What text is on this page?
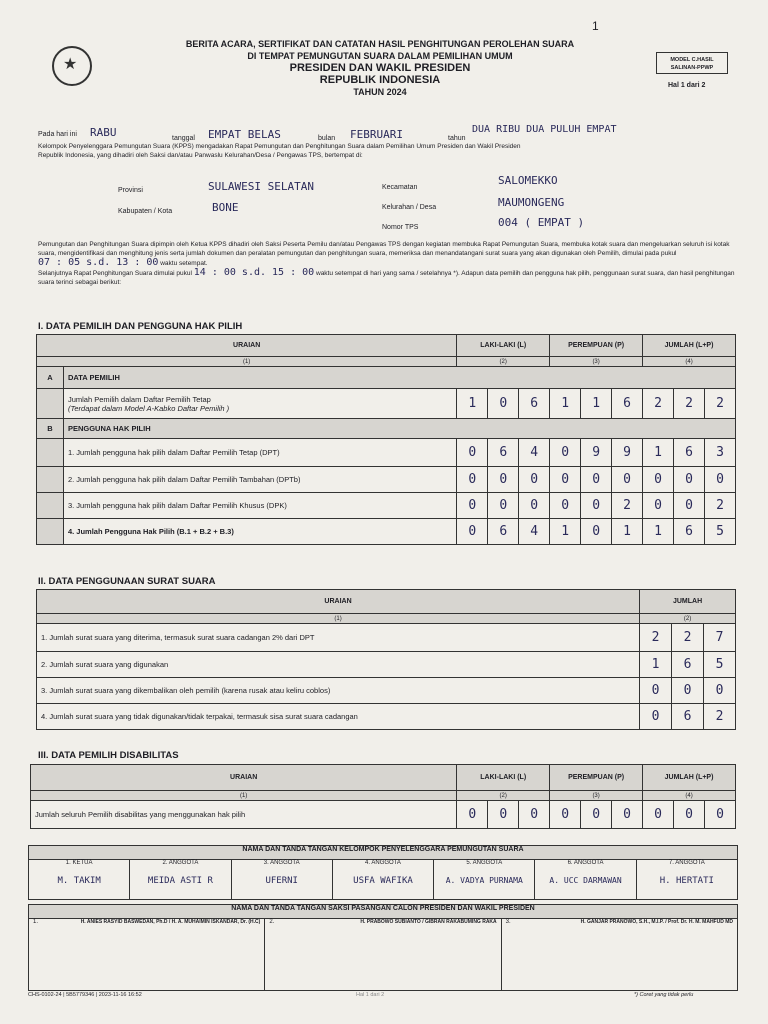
★
1
BERITA ACARA, SERTIFIKAT DAN CATATAN HASIL PENGHITUNGAN PEROLEHAN SUARA
DI TEMPAT PEMUNGUTAN SUARA DALAM PEMILIHAN UMUM
PRESIDEN DAN WAKIL PRESIDEN
REPUBLIK INDONESIA
TAHUN 2024
MODEL C.HASIL SALINAN-PPWP
Hal 1 dari 2
Pada hari ini RABU	tanggal EMPAT BELAS	bulan FEBRUARI	tahun
DUA RIBU DUA PULUH EMPAT
Kelompok Penyelenggara Pemungutan Suara (KPPS) mengadakan Rapat Pemungutan dan Penghitungan Suara dalam Pemilihan Umum Presiden dan Wakil Presiden
Republik Indonesia, yang dihadiri oleh Saksi dan/atau Panwaslu Kelurahan/Desa / Pengawas TPS, bertempat di:
Provinsi	SULAWESI SELATAN
Kabupaten / Kota	BONE
Kecamatan
SALOMEKKO
Kelurahan / Desa	MAUMONGENG
Nomor TPS	004 ( EMPAT )
Pemungutan dan Penghitungan Suara dipimpin oleh Ketua KPPS dihadiri oleh Saksi Peserta Pemilu dan/atau Pengawas TPS dengan kegiatan membuka Rapat Pemungutan Suara, membuka kotak suara dan mengeluarkan seluruh isi kotak suara, mengidentifikasi dan menghitung jenis serta jumlah dokumen dan peralatan pemungutan dan penghitungan suara, memeriksa dan menandatangani surat suara yang akan digunakan oleh Pemilih, dimulai pada pukul 07 : 05 s.d. 13 : 00 waktu setempat.
Selanjutnya Rapat Penghitungan Suara dimulai pukul 14 : 00 s.d. 15 : 00 waktu setempat di hari yang sama / setelahnya *). Adapun data pemilih dan pengguna hak pilih, penggunaan surat suara, dan hasil penghitungan suara terinci sebagai berikut:
I. DATA PEMILIH DAN PENGGUNA HAK PILIH
URAIAN		LAKI-LAKI (L)			PEREMPUAN (P)			JUMLAH (L+P)		
(1)		(2)			(3)			(4)		
A	DATA PEMILIH									
	Jumlah Pemilih dalam Daftar Pemilih Tetap
(Terdapat dalam Model A-Kabko Daftar Pemilih )	1	0	6	1	1	6	2	2	2
B	PENGGUNA HAK PILIH									
	1. Jumlah pengguna hak pilih dalam Daftar Pemilih Tetap (DPT)	0	6	4	0	9	9	1	6	3
	2. Jumlah pengguna hak pilih dalam Daftar Pemilih Tambahan (DPTb)	0	0	0	0	0	0	0	0	0
	3. Jumlah pengguna hak pilih dalam Daftar Pemilih Khusus (DPK)	0	0	0	0	0	2	0	0	2
	4. Jumlah Pengguna Hak Pilih (B.1 + B.2 + B.3)	0	6	4	1	0	1	1	6	5
II. DATA PENGGUNAAN SURAT SUARA
URAIAN	JUMLAH		
(1)	(2)		
1. Jumlah surat suara yang diterima, termasuk surat suara cadangan 2% dari DPT	2	2	7
2. Jumlah surat suara yang digunakan	1	6	5
3. Jumlah surat suara yang dikembalikan oleh pemilih (karena rusak atau keliru coblos)	0	0	0
4. Jumlah surat suara yang tidak digunakan/tidak terpakai, termasuk sisa surat suara cadangan	0	6	2
III. DATA PEMILIH DISABILITAS
URAIAN	LAKI-LAKI (L)			PEREMPUAN (P)			JUMLAH (L+P)		
(1)	(2)			(3)			(4)		
Jumlah seluruh Pemilih disabilitas yang menggunakan hak pilih	0	0	0	0	0	0	0	0	0
NAMA DAN TANDA TANGAN KELOMPOK PENYELENGGARA PEMUNGUTAN SUARA

1. KETUA
M. TAKIM

2. ANGGOTA
MEIDA ASTI R

3. ANGGOTA
UFERNI

4. ANGGOTA
USFA WAFIKA

5. ANGGOTA
A. VADYA PURNAMA

6. ANGGOTA
A. UCC DARMAWAN

7. ANGGOTA
H. HERTATI
NAMA DAN TANDA TANGAN SAKSI PASANGAN CALON PRESIDEN DAN WAKIL PRESIDEN
1.	H. ANIES RASYID BASWEDAN, Ph.D / H. A. MUHAIMIN ISKANDAR, Dr. (H.C)	2.	H. PRABOWO SUBIANTO / GIBRAN RAKABUMING RAKA	3.	H. GANJAR PRANOWO, S.H., M.I.P. / Prof. Dr. H. M. MAHFUD MD
CHS-0102-24 | 5B5779346 | 2023-11-16 16:52	Hal 1 dari 2	*) Coret yang tidak perlu
